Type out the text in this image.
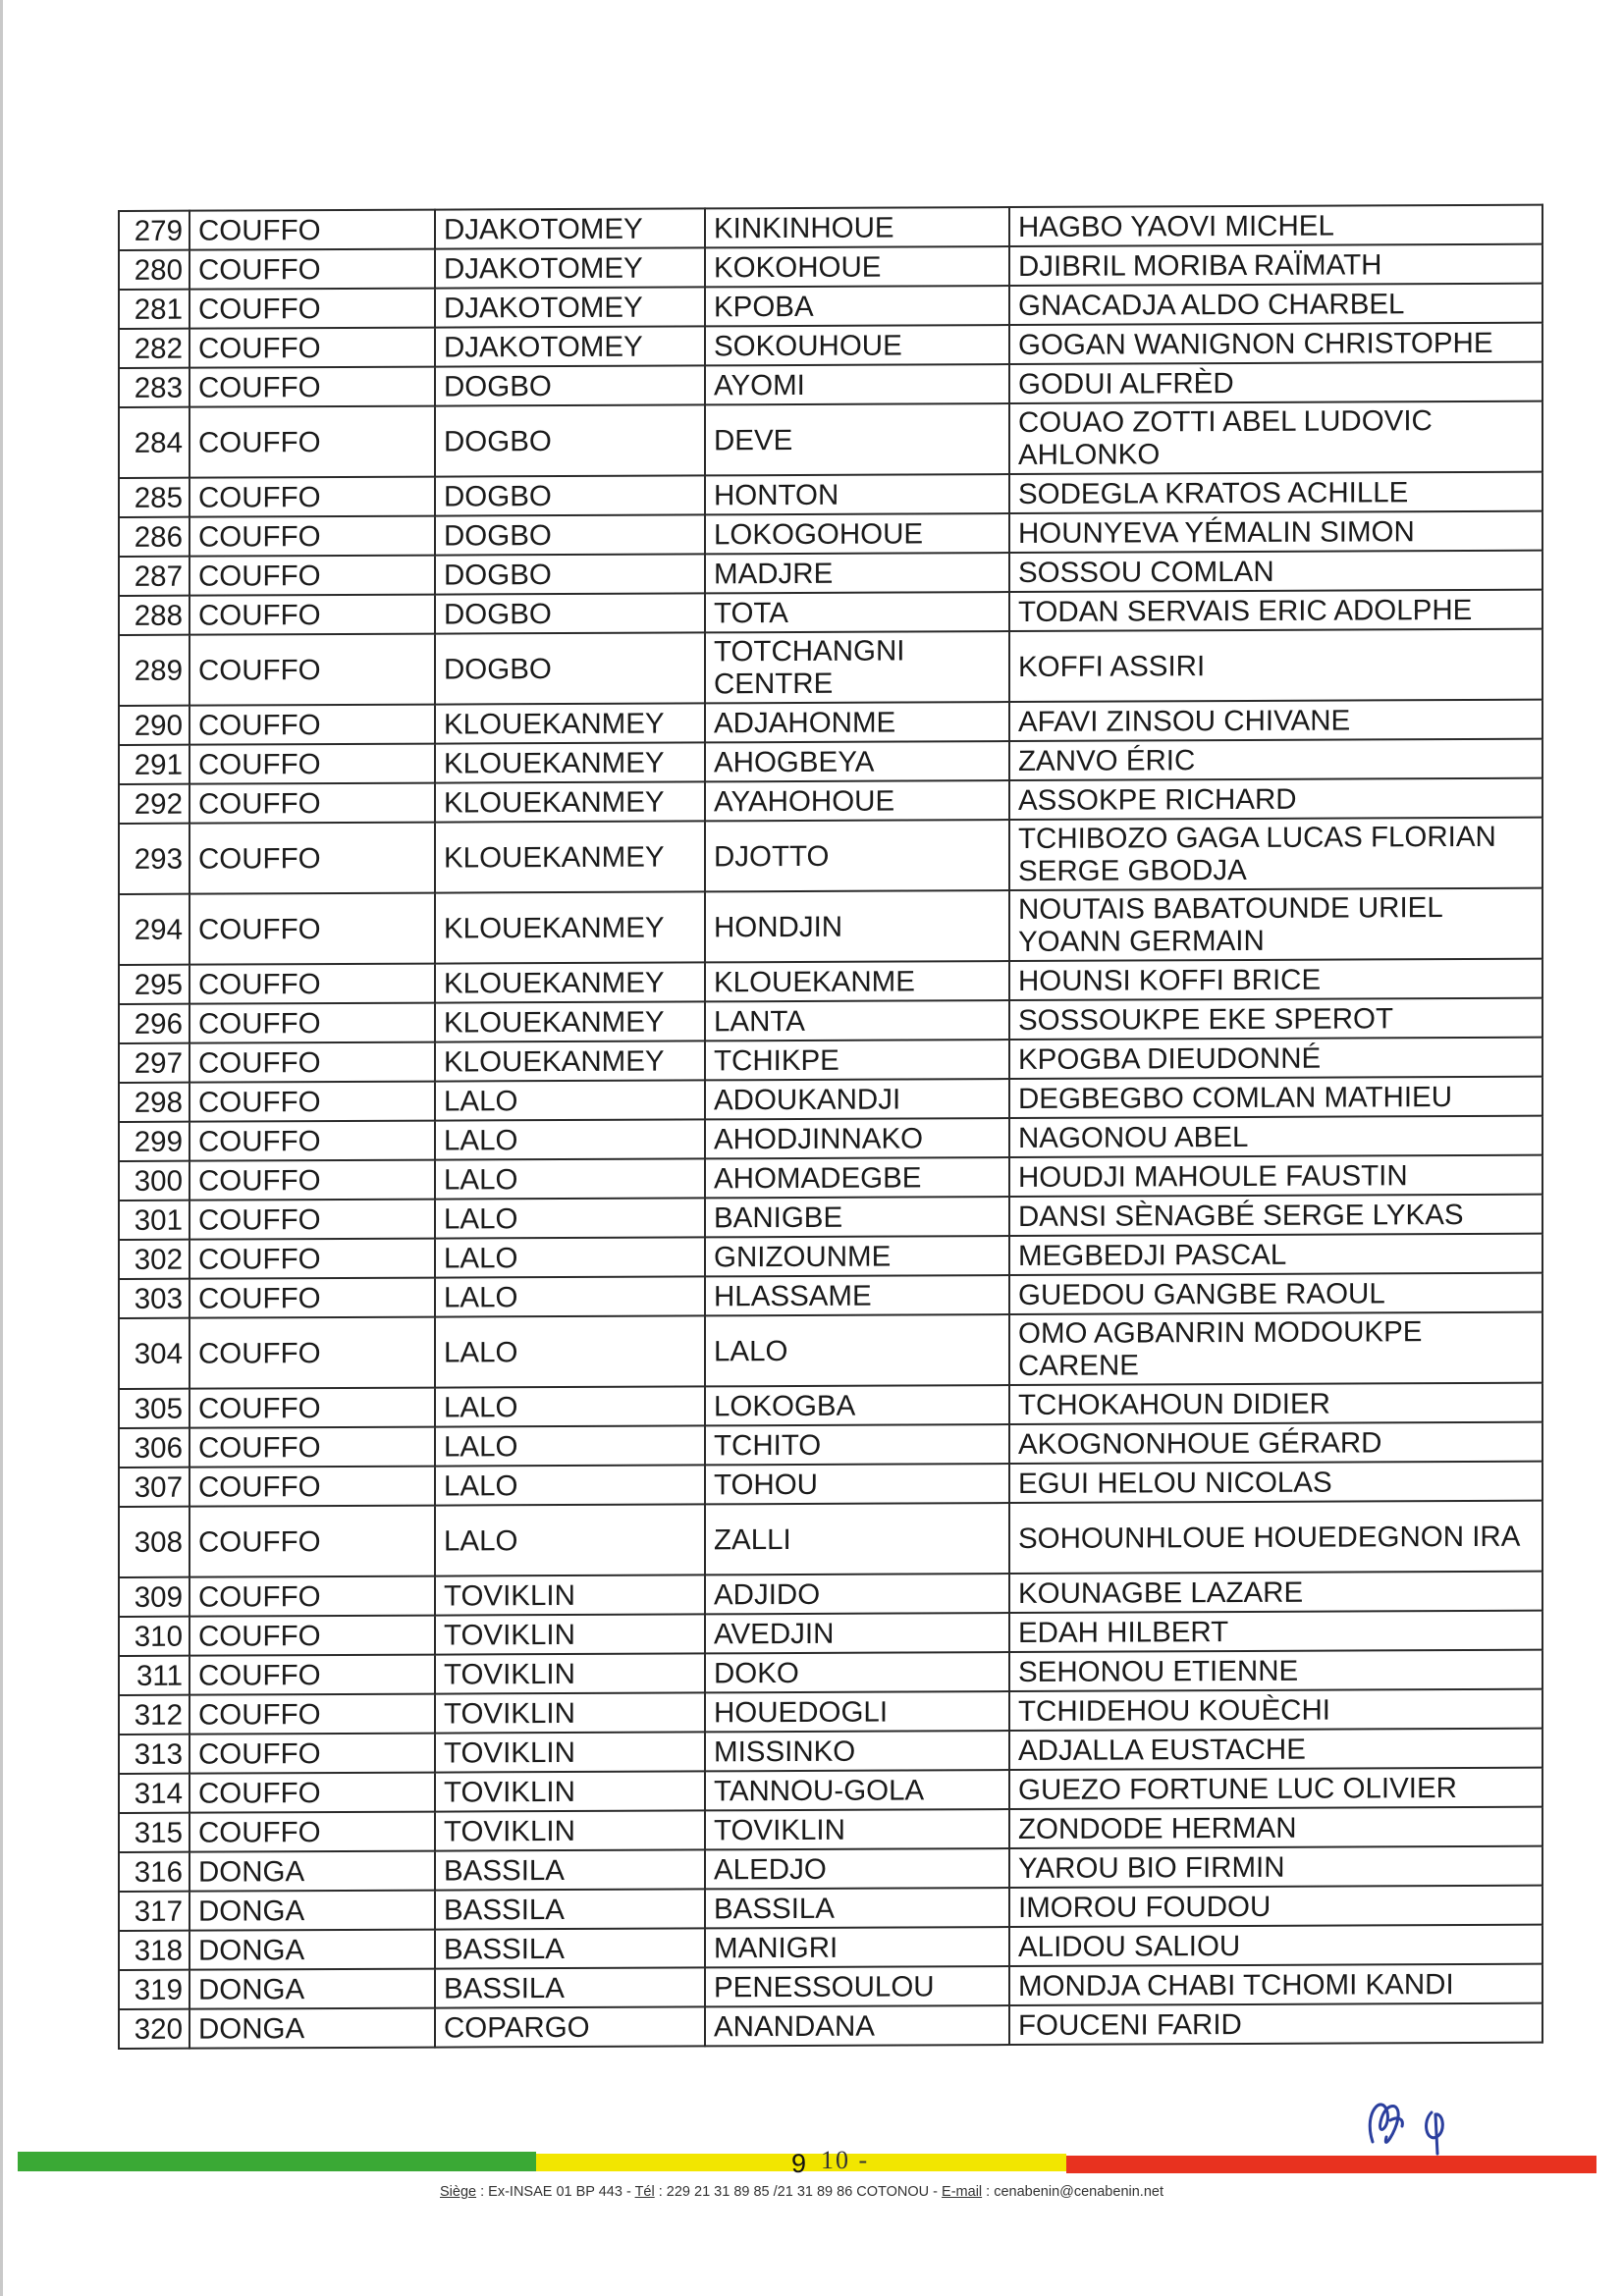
279	COUFFO	DJAKOTOMEY	KINKINHOUE	HAGBO YAOVI MICHEL
280	COUFFO	DJAKOTOMEY	KOKOHOUE	DJIBRIL MORIBA RAÏMATH
281	COUFFO	DJAKOTOMEY	KPOBA	GNACADJA ALDO CHARBEL
282	COUFFO	DJAKOTOMEY	SOKOUHOUE	GOGAN WANIGNON CHRISTOPHE
283	COUFFO	DOGBO	AYOMI	GODUI ALFRÈD
284	COUFFO	DOGBO	DEVE	COUAO ZOTTI ABEL LUDOVIC AHLONKO
285	COUFFO	DOGBO	HONTON	SODEGLA KRATOS ACHILLE
286	COUFFO	DOGBO	LOKOGOHOUE	HOUNYEVA YÉMALIN SIMON
287	COUFFO	DOGBO	MADJRE	SOSSOU COMLAN
288	COUFFO	DOGBO	TOTA	TODAN SERVAIS ERIC ADOLPHE
289	COUFFO	DOGBO	TOTCHANGNI CENTRE	KOFFI ASSIRI
290	COUFFO	KLOUEKANMEY	ADJAHONME	AFAVI ZINSOU CHIVANE
291	COUFFO	KLOUEKANMEY	AHOGBEYA	ZANVO ÉRIC
292	COUFFO	KLOUEKANMEY	AYAHOHOUE	ASSOKPE RICHARD
293	COUFFO	KLOUEKANMEY	DJOTTO	TCHIBOZO GAGA LUCAS FLORIAN SERGE GBODJA
294	COUFFO	KLOUEKANMEY	HONDJIN	NOUTAIS BABATOUNDE URIEL YOANN GERMAIN
295	COUFFO	KLOUEKANMEY	KLOUEKANME	HOUNSI KOFFI BRICE
296	COUFFO	KLOUEKANMEY	LANTA	SOSSOUKPE EKE SPEROT
297	COUFFO	KLOUEKANMEY	TCHIKPE	KPOGBA DIEUDONNÉ
298	COUFFO	LALO	ADOUKANDJI	DEGBEGBO COMLAN MATHIEU
299	COUFFO	LALO	AHODJINNAKO	NAGONOU ABEL
300	COUFFO	LALO	AHOMADEGBE	HOUDJI MAHOULE FAUSTIN
301	COUFFO	LALO	BANIGBE	DANSI SÈNAGBÉ SERGE LYKAS
302	COUFFO	LALO	GNIZOUNME	MEGBEDJI PASCAL
303	COUFFO	LALO	HLASSAME	GUEDOU GANGBE RAOUL
304	COUFFO	LALO	LALO	OMO AGBANRIN MODOUKPE CARENE
305	COUFFO	LALO	LOKOGBA	TCHOKAHOUN DIDIER
306	COUFFO	LALO	TCHITO	AKOGNONHOUE GÉRARD
307	COUFFO	LALO	TOHOU	EGUI HELOU NICOLAS
308	COUFFO	LALO	ZALLI	SOHOUNHLOUE HOUEDEGNON IRA
309	COUFFO	TOVIKLIN	ADJIDO	KOUNAGBE LAZARE
310	COUFFO	TOVIKLIN	AVEDJIN	EDAH HILBERT
311	COUFFO	TOVIKLIN	DOKO	SEHONOU ETIENNE
312	COUFFO	TOVIKLIN	HOUEDOGLI	TCHIDEHOU KOUÈCHI
313	COUFFO	TOVIKLIN	MISSINKO	ADJALLA EUSTACHE
314	COUFFO	TOVIKLIN	TANNOU-GOLA	GUEZO FORTUNE LUC OLIVIER
315	COUFFO	TOVIKLIN	TOVIKLIN	ZONDODE HERMAN
316	DONGA	BASSILA	ALEDJO	YAROU BIO FIRMIN
317	DONGA	BASSILA	BASSILA	IMOROU FOUDOU
318	DONGA	BASSILA	MANIGRI	ALIDOU SALIOU
319	DONGA	BASSILA	PENESSOULOU	MONDJA CHABI TCHOMI KANDI
320	DONGA	COPARGO	ANANDANA	FOUCENI FARID
9 10 -
Siège : Ex-INSAE 01 BP 443 - Tél : 229 21 31 89 85 /21 31 89 86 COTONOU - E-mail : cenabenin@cenabenin.net
